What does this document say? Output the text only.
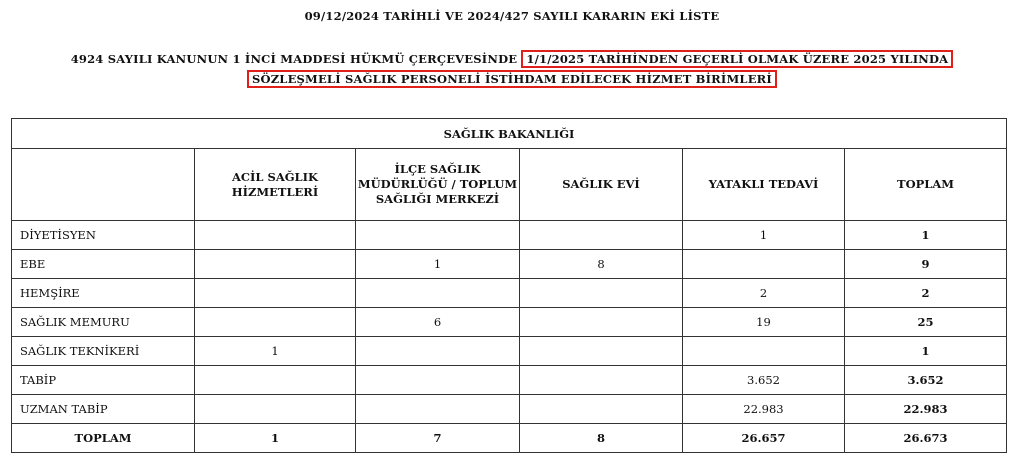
09/12/2024 TARİHLİ VE 2024/427 SAYILI KARARIN EKİ LİSTE
4924 SAYILI KANUNUN 1 İNCİ MADDESİ HÜKMÜ ÇERÇEVESİNDE 1/1/2025 TARİHİNDEN GEÇERLİ OLMAK ÜZERE 2025 YILINDA
SÖZLEŞMELİ SAĞLIK PERSONELİ İSTİHDAM EDİLECEK HİZMET BİRİMLERİ
SAĞLIK BAKANLIĞI					
	ACİL SAĞLIK HİZMETLERİ	İLÇE SAĞLIK MÜDÜRLÜĞÜ / TOPLUM SAĞLIĞI MERKEZİ	SAĞLIK EVİ	YATAKLI TEDAVİ	TOPLAM
DİYETİSYEN				1	1
EBE		1	8		9
HEMŞİRE				2	2
SAĞLIK MEMURU		6		19	25
SAĞLIK TEKNİKERİ	1				1
TABİP				3.652	3.652
UZMAN TABİP				22.983	22.983
TOPLAM	1	7	8	26.657	26.673
